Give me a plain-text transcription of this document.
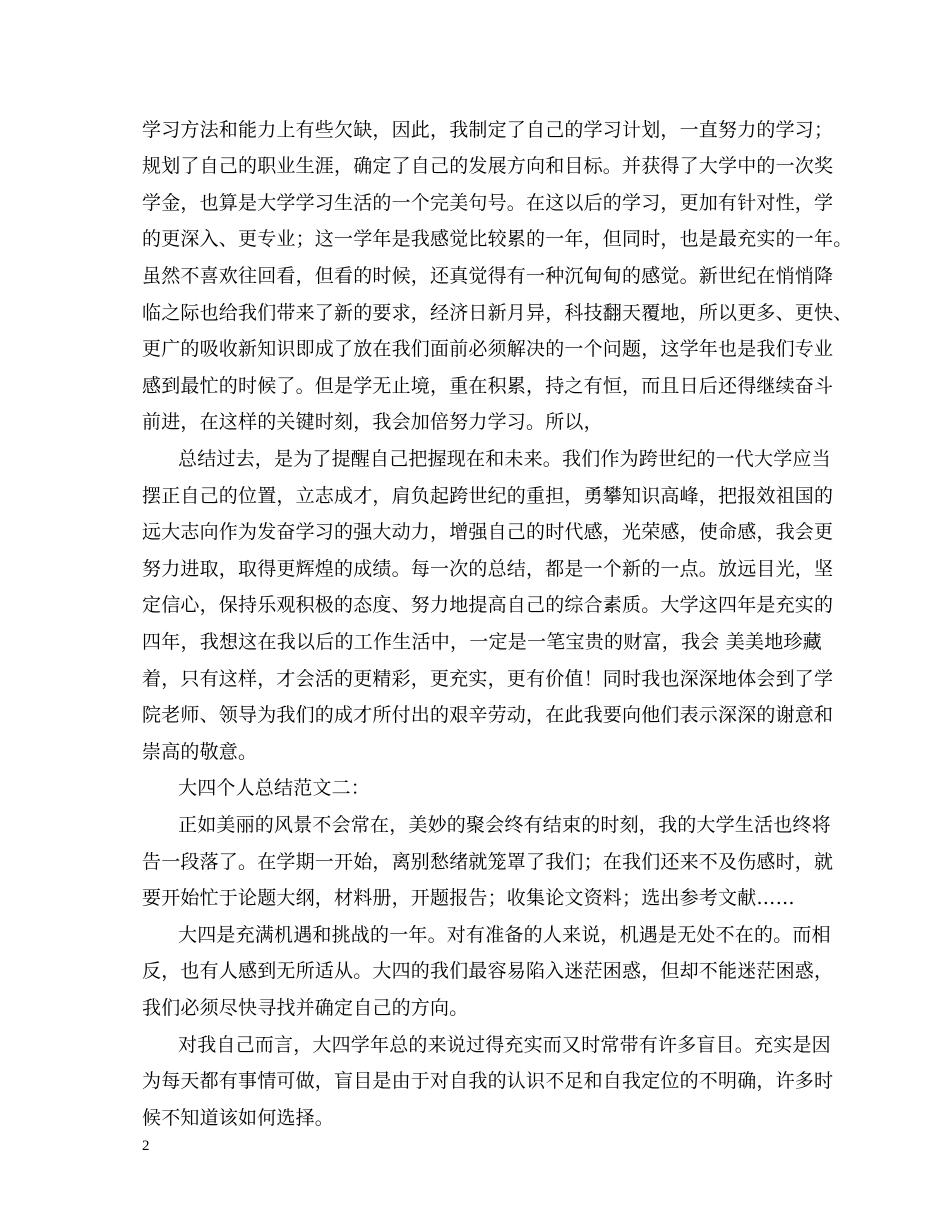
学习方法和能力上有些欠缺，因此，我制定了自己的学习计划，一直努力的学习；
规划了自己的职业生涯，确定了自己的发展方向和目标。并获得了大学中的一次奖
学金，也算是大学学习生活的一个完美句号。在这以后的学习，更加有针对性，学
的更深入、更专业；这一学年是我感觉比较累的一年，但同时，也是最充实的一年。
虽然不喜欢往回看，但看的时候，还真觉得有一种沉甸甸的感觉。新世纪在悄悄降
临之际也给我们带来了新的要求，经济日新月异，科技翻天覆地，所以更多、更快、
更广的吸收新知识即成了放在我们面前必须解决的一个问题，这学年也是我们专业
感到最忙的时候了。但是学无止境，重在积累，持之有恒，而且日后还得继续奋斗
前进，在这样的关键时刻，我会加倍努力学习。所以，
总结过去，是为了提醒自己把握现在和未来。我们作为跨世纪的一代大学应当
摆正自己的位置，立志成才，肩负起跨世纪的重担，勇攀知识高峰，把报效祖国的
远大志向作为发奋学习的强大动力，增强自己的时代感，光荣感，使命感，我会更
努力进取，取得更辉煌的成绩。每一次的总结，都是一个新的一点。放远目光，坚
定信心，保持乐观积极的态度、努力地提高自己的综合素质。大学这四年是充实的
四年，我想这在我以后的工作生活中，一定是一笔宝贵的财富，我会 美美地珍藏
着，只有这样，才会活的更精彩，更充实，更有价值！同时我也深深地体会到了学
院老师、领导为我们的成才所付出的艰辛劳动，在此我要向他们表示深深的谢意和
崇高的敬意。
大四个人总结范文二：
正如美丽的风景不会常在，美妙的聚会终有结束的时刻，我的大学生活也终将
告一段落了。在学期一开始，离别愁绪就笼罩了我们；在我们还来不及伤感时，就
要开始忙于论题大纲，材料册，开题报告；收集论文资料；选出参考文献……
大四是充满机遇和挑战的一年。对有准备的人来说，机遇是无处不在的。而相
反，也有人感到无所适从。大四的我们最容易陷入迷茫困惑，但却不能迷茫困惑，
我们必须尽快寻找并确定自己的方向。
对我自己而言，大四学年总的来说过得充实而又时常带有许多盲目。充实是因
为每天都有事情可做，盲目是由于对自我的认识不足和自我定位的不明确，许多时
候不知道该如何选择。
2
